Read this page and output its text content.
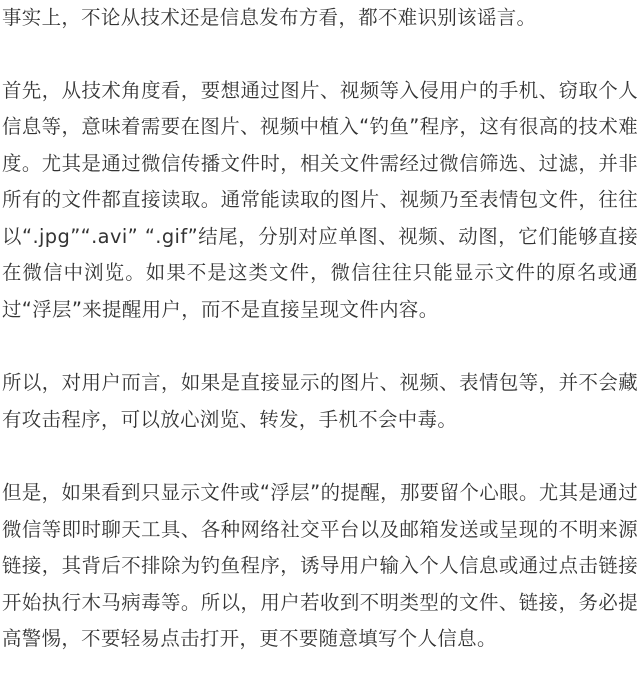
事实上，不论从技术还是信息发布方看，都不难识别该谣言。

首先，从技术角度看，要想通过图片、视频等入侵用户的手机、窃取个人信息等，意味着需要在图片、视频中植入“钓鱼”程序，这有很高的技术难度。尤其是通过微信传播文件时，相关文件需经过微信筛选、过滤，并非所有的文件都直接读取。通常能读取的图片、视频乃至表情包文件，往往以“.jpg”“.avi” “.gif”结尾，分别对应单图、视频、动图，它们能够直接在微信中浏览。如果不是这类文件，微信往往只能显示文件的原名或通过“浮层”来提醒用户，而不是直接呈现文件内容。

所以，对用户而言，如果是直接显示的图片、视频、表情包等，并不会藏有攻击程序，可以放心浏览、转发，手机不会中毒。

但是，如果看到只显示文件或“浮层”的提醒，那要留个心眼。尤其是通过微信等即时聊天工具、各种网络社交平台以及邮箱发送或呈现的不明来源链接，其背后不排除为钓鱼程序，诱导用户输入个人信息或通过点击链接开始执行木马病毒等。所以，用户若收到不明类型的文件、链接，务必提高警惕，不要轻易点击打开，更不要随意填写个人信息。
